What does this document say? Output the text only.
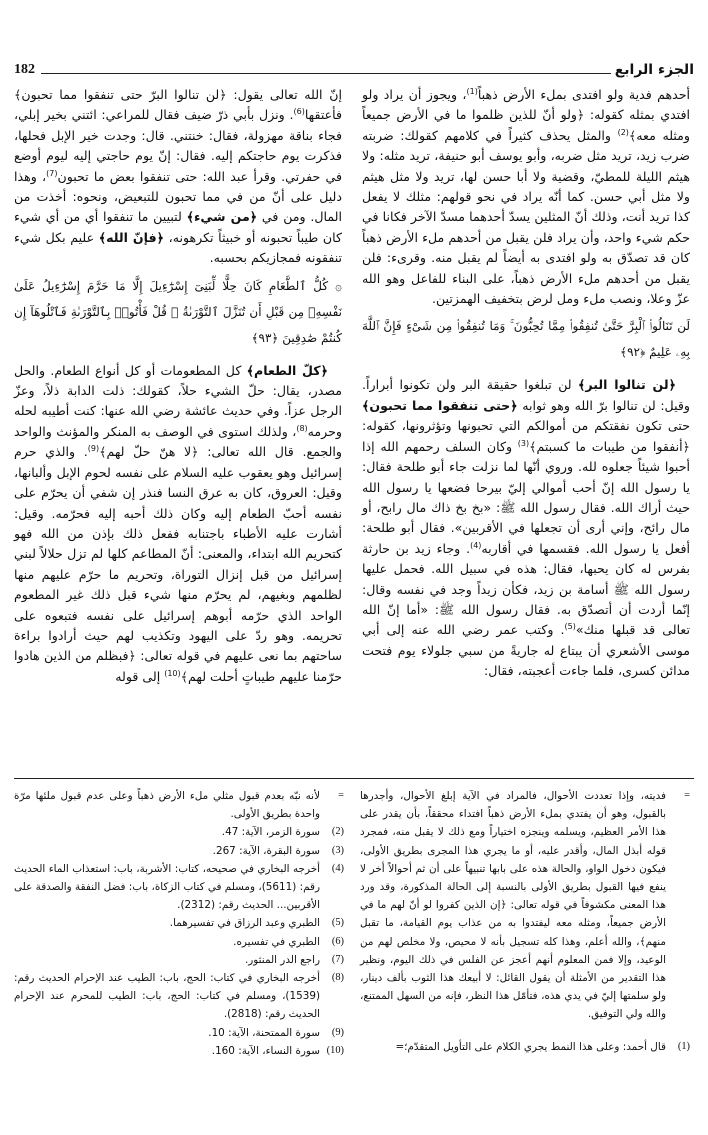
182	الجزء الرابع

أحدهم فدية ولو افتدى بملء الأرض ذهباً$^{(1)}$، ويجوز أن يراد ولو افتدي بمثله كقوله: ﴿ولو أنّ للذين ظلموا ما في الأرض جميعاً ومثله معه﴾$^{(2)}$ والمثل يحذف كثيراً في كلامهم كقولك: ضربته ضرب زيد، تريد مثل ضربه، وأبو يوسف أبو حنيفة، تريد مثله: ولا هيثم الليلة للمطيّ، وقضية ولا أبا حسن لها، تريد ولا مثل هيثم ولا مثل أبي حسن. كما أنّه يراد في نحو قولهم: مثلك لا يفعل كذا تريد أنت، وذلك أنّ المثلين يسدّ أحدهما مسدّ الآخر فكانا في حكم شيء واحد، وأن يراد فلن يقبل من أحدهم ملء الأرض ذهباً كان قد تصدّق به ولو افتدى به أيضاً لم يقبل منه. وقرىء: فلن يقبل من أحدهم ملء الأرض ذهباً، على البناء للفاعل وهو الله عزّ وعلا، ونصب ملء ومل لرض بتخفيف الهمزتين.

لَن تَنَالُوا۟ ٱلْبِرَّ حَتَّىٰ تُنفِقُوا۟ مِمَّا تُحِبُّونَ ۚ وَمَا تُنفِقُوا۟ مِن شَىْءٍ فَإِنَّ ٱللَّهَ بِهِۦ عَلِيمٌ ﴿٩٢﴾

﴿لن تنالوا البر﴾ لن تبلغوا حقيقة البر ولن تكونوا أبراراً. وقيل: لن تنالوا برّ الله وهو ثوابه ﴿حتى تنفقوا مما تحبون﴾ حتى تكون نفقتكم من أموالكم التي تحبونها وتؤثرونها، كقوله: ﴿أنفقوا من طيبات ما كسبتم﴾$^{(3)}$ وكان السلف رحمهم الله إذا أحبوا شيئاً جعلوه لله. وروي أنّها لما نزلت جاء أبو طلحة فقال: يا رسول الله إنّ أحب أموالي إليّ بيرحا فضعها يا رسول الله حيث أراك الله. فقال رسول الله ﷺ: «بخ بخ ذاك مال رابح، أو مال رائح، وإني أرى أن تجعلها في الأقربين». فقال أبو طلحة: أفعل يا رسول الله. فقسمها في أقاربه$^{(4)}$. وجاء زيد بن حارثة بفرس له كان يحبها، فقال: هذه في سبيل الله. فحمل عليها رسول الله ﷺ أسامة بن زيد، فكأن زيداً وجد في نفسه وقال: إنّما أردت أن أتصدّق به. فقال رسول الله ﷺ: «أما إنّ الله تعالى قد قبلها منك»$^{(5)}$. وكتب عمر رضي الله عنه إلى أبي موسى الأشعري أن يبتاع له جاريةً من سبي جلولاء يوم فتحت مدائن كسرى، فلما جاءت أعجبته، فقال:

إنّ الله تعالى يقول: ﴿لن تنالوا البرّ حتى تنفقوا مما تحبون﴾ فأعتقها$^{(6)}$. ونزل بأبي ذرّ ضيف فقال للمراعي: ائتني بخير إبلي، فجاء بناقة مهزولة، فقال: خنتني. قال: وجدت خير الإبل فحلها، فذكرت يوم حاجتكم إليه. فقال: إنّ يوم حاجتي إليه ليوم أوضع في حفرتي. وقرأ عبد الله: حتى تنفقوا بعض ما تحبون$^{(7)}$، وهذا دليل على أنّ من في مما تحبون للتبعيض، ونحوه: أخذت من المال. ومن في ﴿من شيء﴾ لتبيين ما تنفقوا أي من أي شيء كان طيباً تحبونه أو خبيثاً تكرهونه، ﴿فإنّ الله﴾ عليم بكل شيء تنفقونه فمجازيكم بحسبه.

۞ كُلُّ ٱلطَّعَامِ كَانَ حِلًّا لِّبَنِىٓ إِسْرَٰٓءِيلَ إِلَّا مَا حَرَّمَ إِسْرَٰٓءِيلُ عَلَىٰ نَفْسِهِۦ مِن قَبْلِ أَن تُنَزَّلَ ٱلتَّوْرَىٰةُ ۗ قُلْ فَأْتُوا۟ بِٱلتَّوْرَىٰةِ فَٱتْلُوهَآ إِن كُنتُمْ صَٰدِقِينَ ﴿٩٣﴾

﴿كلّ الطعام﴾ كل المطعومات أو كل أنواع الطعام. والحل مصدر، يقال: حلّ الشيء حلاً، كقولك: ذلت الدابة ذلاً، وعزّ الرجل عزاً. وفي حديث عائشة رضي الله عنها: كنت أطيبه لحله وحرمه$^{(8)}$، ولذلك استوى في الوصف به المنكر والمؤنث والواحد والجمع. قال الله تعالى: ﴿لا هنّ حلّ لهم﴾$^{(9)}$. والذي حرم إسرائيل وهو يعقوب عليه السلام على نفسه لحوم الإبل وألبانها، وقيل: العروق، كان به عرق النسا فنذر إن شفي أن يحرّم على نفسه أحبّ الطعام إليه وكان ذلك أحبه إليه فحرّمه. وقيل: أشارت عليه الأطباء باجتنابه ففعل ذلك بإذن من الله فهو كتحريم الله ابتداء، والمعنى: أنّ المطاعم كلها لم تزل حلالاً لبني إسرائيل من قبل إنزال التوراة، وتحريم ما حرّم عليهم منها لظلمهم وبغيهم، لم يحرّم منها شيء قبل ذلك غير المطعوم الواحد الذي حرّمه أبوهم إسرائيل على نفسه فتبعوه على تحريمه. وهو ردّ على اليهود وتكذيب لهم حيث أرادوا براءة ساحتهم بما نعى عليهم في قوله تعالى: ﴿فبظلم من الذين هادوا حرّمنا عليهم طيباتٍ أحلت لهم﴾$^{(10)}$ إلى قوله

=
فديته، وإذا تعددت الأحوال، فالمراد في الآية إبلغ الأحوال، وأجدرها بالقبول، وهو أن يفتدي بملء الأرض ذهباً افتداء محققاً، بأن يقدر على هذا الأمر العظيم، ويسلمه وينجزه اختياراً ومع ذلك لا يقبل منه، فمجرد قوله أبذل المال، وأقدر عليه، أو ما يجري هذا المجرى بطريق الأولى، فيكون دخول الواو، والحالة هذه على بابها تنبيهاً على أن ثم أحوالاً أخر لا ينفع فيها القبول بطريق الأولى بالنسبة إلى الحالة المذكورة، وقد ورد هذا المعنى مكشوفاً في قوله تعالى: ﴿إن الذين كفروا لو أنّ لهم ما في الأرض جميعاً، ومثله معه ليفتدوا به من عذاب يوم القيامة، ما تقبل منهم﴾، والله أعلم، وهذا كله تسجيل بأنه لا محيص، ولا مخلص لهم من الوعيد، وإلا فمن المعلوم أنهم أعجز عن الفلس في ذلك اليوم، ونظير هذا التقدير من الأمثلة أن يقول القائل: لا أبيعك هذا الثوب بألف دينار، ولو سلمتها إليّ في يدي هذه، فتأمّل هذا النظر، فإنه من السهل الممتنع، والله ولي التوفيق.

(1)
قال أحمد: وعلى هذا النمط يجري الكلام على التأويل المتقدّم؛=

=
لأنه نبّه بعدم قبول مثلي ملء الأرض ذهباً وعلى عدم قبول ملئها مرّة واحدة بطريق الأولى.

(2)
سورة الزمر، الآية: 47.

(3)
سورة البقرة، الآية: 267.

(4)
أخرجه البخاري في صحيحه، كتاب: الأشربة، باب: استعذاب الماء الحديث رقم: (5611)، ومسلم في كتاب الزكاة، باب: فضل النفقة والصدقة على الأقربين... الحديث رقم: (2312).

(5)
الطبري وعبد الرزاق في تفسيرهما.

(6)
الطبري في تفسيره.

(7)
راجع الدر المنثور.

(8)
أخرجه البخاري في كتاب: الحج، باب: الطيب عند الإحرام الحديث رقم: (1539)، ومسلم في كتاب: الحج، باب: الطيب للمحرم عند الإحرام الحديث رقم: (2818).

(9)
سورة الممتحنة، الآية: 10.

(10)
سورة النساء، الآية: 160.
